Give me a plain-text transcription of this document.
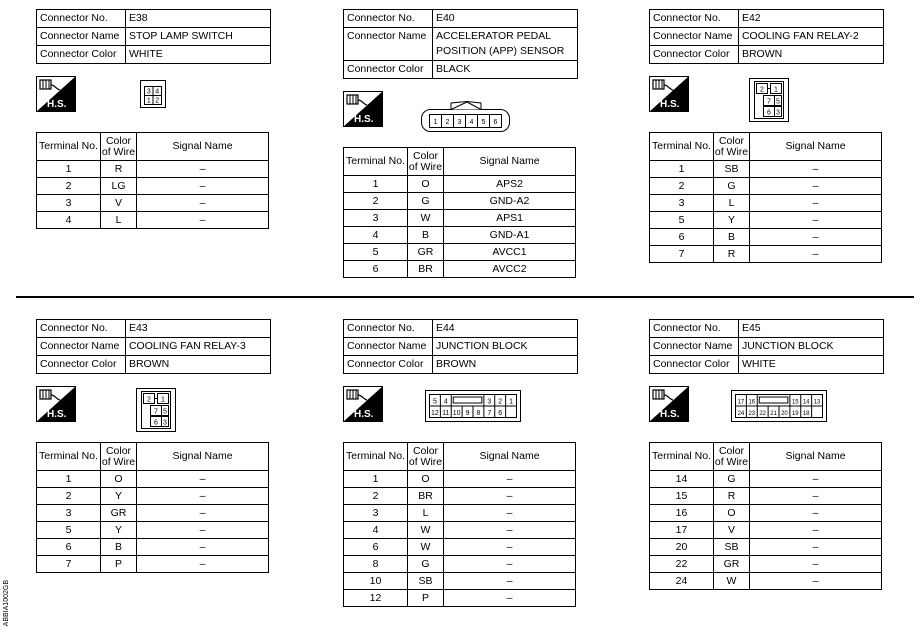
ABBIA1002GB
Connector No.	E38
Connector Name	STOP LAMP SWITCH
Connector Color	WHITE
H.S.
3 4
1 2
Terminal No.	Color of Wire	Signal Name
1	R	–
2	LG	–
3	V	–
4	L	–
Connector No.	E40
Connector Name	ACCELERATOR PEDAL POSITION (APP) SENSOR
Connector Color	BLACK
H.S.	1 2 3 4 5 6
Terminal No.	Color of Wire	Signal Name
1	O	APS2
2	G	GND-A2
3	W	APS1
4	B	GND-A1
5	GR	AVCC1
6	BR	AVCC2
Connector No.	E42
Connector Name	COOLING FAN RELAY-2
Connector Color	BROWN
H.S.
2 1
7 5
6 3
Terminal No.	Color of Wire	Signal Name
1	SB	–
2	G	–
3	L	–
5	Y	–
6	B	–
7	R	–
Connector No.	E43
Connector Name	COOLING FAN RELAY-3
Connector Color	BROWN
H.S.
2 1
7 5
6 3
Terminal No.	Color of Wire	Signal Name
1	O	–
2	Y	–
3	GR	–
5	Y	–
6	B	–
7	P	–
Connector No.	E44
Connector Name	JUNCTION BLOCK
Connector Color	BROWN
H.S.
5 4	3 2 1
12 11 10 9 8 7 6
Terminal No.	Color of Wire	Signal Name
1	O	–
2	BR	–
3	L	–
4	W	–
6	W	–
8	G	–
10	SB	–
12	P	–
Connector No.	E45
Connector Name	JUNCTION BLOCK
Connector Color	WHITE
H.S.
17 16	15 14 13
24 23 22 21 20 19 18
Terminal No.	Color of Wire	Signal Name
14	G	–
15	R	–
16	O	–
17	V	–
20	SB	–
22	GR	–
24	W	–
